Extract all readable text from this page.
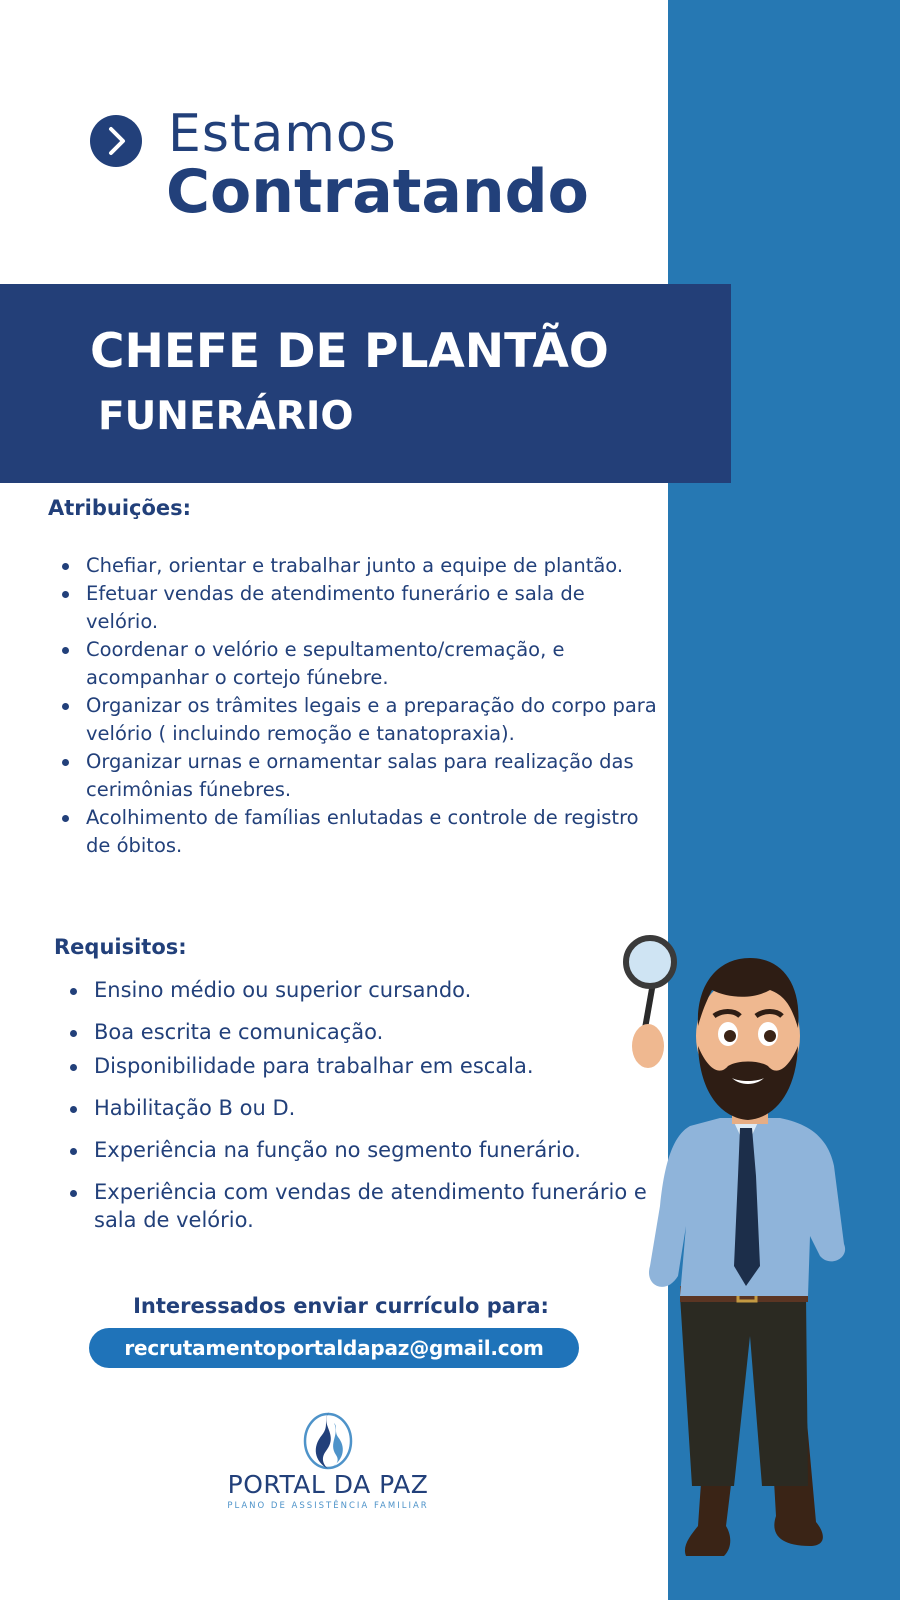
Estamos
Contratando
CHEFE DE PLANTÃO
FUNERÁRIO
Atribuições:
Chefiar, orientar e trabalhar junto a equipe de plantão.
Efetuar vendas de atendimento funerário e sala de velório.
Coordenar o velório e sepultamento/cremação, e acompanhar o cortejo fúnebre.
Organizar os trâmites legais e a preparação do corpo para velório ( incluindo remoção e tanatopraxia).
Organizar urnas e ornamentar salas para realização das cerimônias fúnebres.
Acolhimento de famílias enlutadas e controle de registro de óbitos.
Requisitos:
Ensino médio ou superior cursando.
Boa escrita e comunicação.
Disponibilidade para trabalhar em escala.
Habilitação B ou D.
Experiência na função no segmento funerário.
Experiência com vendas de atendimento funerário e sala de velório.
Interessados enviar currículo para:
recrutamentoportaldapaz@gmail.com
PORTAL DA PAZ
PLANO DE ASSISTÊNCIA FAMILIAR
